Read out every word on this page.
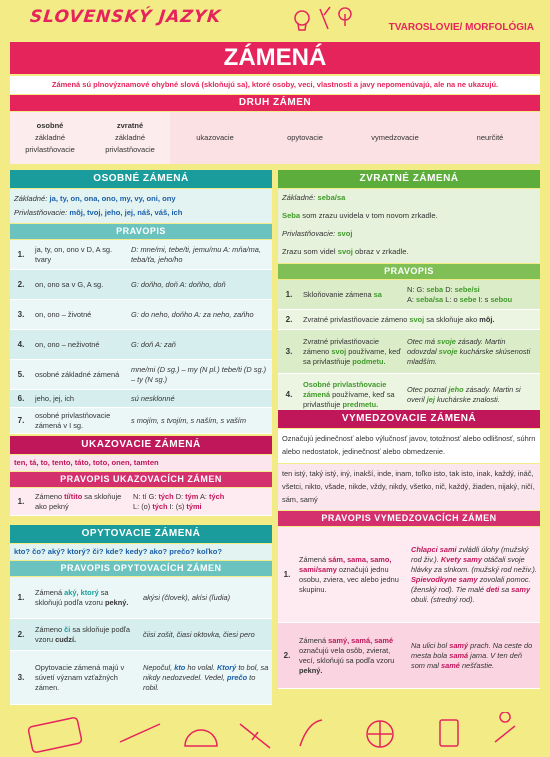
SLOVENSKÝ JAZYK
TVAROSLOVIE/ MORFOLÓGIA
ZÁMENÁ
Zámená sú plnovýznamové ohybné slová (skloňujú sa), ktoré osoby, veci, vlastnosti a javy nepomenúvajú, ale na ne ukazujú.
DRUH ZÁMEN
osobné
základné
privlastňovacie
zvratné
základné
privlastňovacie
ukazovacie	opytovacie	vymedzovacie	neurčité
OSOBNÉ ZÁMENÁ
Základné: ja, ty, on, ona, ono, my, vy, oni, ony
Privlastňovacie: môj, tvoj, jeho, jej, náš, váš, ich
PRAVOPIS
1.
ja, ty, on, ono v D, A sg. tvary
D: mne/mi, tebe/ti, jemu/mu A: mňa/ma, teba/ťa, jeho/ho
2.	on, ono sa v G, A sg.	G: doňho, doň A: doňho, doň
3.	on, ono – životné	G: do neho, doňho A: za neho, zaňho
4.	on, ono – neživotné	G: doň A: zaň
5.	osobné základné zámená
mne/mi (D sg.) – my (N pl.) tebe/ti (D sg.) – ty (N sg.)
6.	jeho, jej, ich	sú nesklonné
7.
osobné privlastňovacie zámená v I sg.
s mojím, s tvojím, s naším, s vaším
UKAZOVACIE ZÁMENÁ
ten, tá, to, tento, táto, toto, onen, tamten
PRAVOPIS UKAZOVACÍCH ZÁMEN
1.
Zámeno tí/tito sa skloňuje ako pekný
N: tí G: tých D: tým A: tých
L: (o) tých I: (s) tými
OPYTOVACIE ZÁMENÁ
kto? čo? aký? ktorý? či? kde? kedy? ako? prečo? koľko?
PRAVOPIS OPYTOVACÍCH ZÁMEN
1.
Zámená aký, ktorý sa skloňujú podľa vzoru pekný.
akýsi (človek), akísi (ľudia)
2.
Zámeno či sa skloňuje podľa vzoru cudzí.
čiisi zošit, čiasi oktovka, čiesi pero
3.
Opytovacie zámená majú v súvetí význam vzťažných zámen.
Nepočul, kto ho volal. Ktorý to bol, sa nikdy nedozvedel. Vedel, prečo to robil.
ZVRATNÉ ZÁMENÁ
Základné: seba/sa
Seba som zrazu uvidela v tom novom zrkadle.
Privlastňovacie: svoj
Zrazu som videl svoj obraz v zrkadle.
PRAVOPIS
1.	Skloňovanie zámena sa
N: G: seba D: sebe/si
A: seba/sa L: o sebe I: s sebou
2.	Zvratné privlastňovacie zámeno svoj sa skloňuje ako môj.
3.
Zvratné privlastňovacie zámeno svoj používame, keď sa privlastňuje podmetu.
Otec má svoje zásady. Martin odovzdal svoje kuchárske skúsenosti mladším.
4.
Osobné privlastňovacie zámená používame, keď sa privlastňuje predmetu.
Otec poznal jeho zásady. Martin si overil jej kuchárske znalosti.
VYMEDZOVACIE ZÁMENÁ
Označujú jedinečnosť alebo výlučnosť javov, totožnosť alebo odlišnosť, súhrn alebo nedostatok, jedinečnosť alebo obmedzenie.
ten istý, taký istý, iný, inakší, inde, inam, toľko isto, tak isto, inak, každý, ináč, všetci, nikto, všade, nikde, vždy, nikdy, všetko, nič, každý, žiaden, nijaký, ničí, sám, samý
PRAVOPIS VYMEDZOVACÍCH ZÁMEN
1.
Zámená sám, sama, samo, sami/samy označujú jednu osobu, zviera, vec alebo jednu skupinu.
Chlapci sami zvládli úlohy (mužský rod živ.). Kvety samy otáčali svoje hlávky za slnkom. (mužský rod neživ.). Spievodkyne samy zovolali pomoc. (ženský rod). Tie malé deti sa samy obuli. (stredný rod).
2.
Zámená samý, samá, samé označujú vela osôb, zvierat, vecí, skloňujú sa podľa vzoru pekný.
Na ulici bol samý prach. Na ceste do mesta bola samá jama. V ten deň som mal samé nešťastie.
